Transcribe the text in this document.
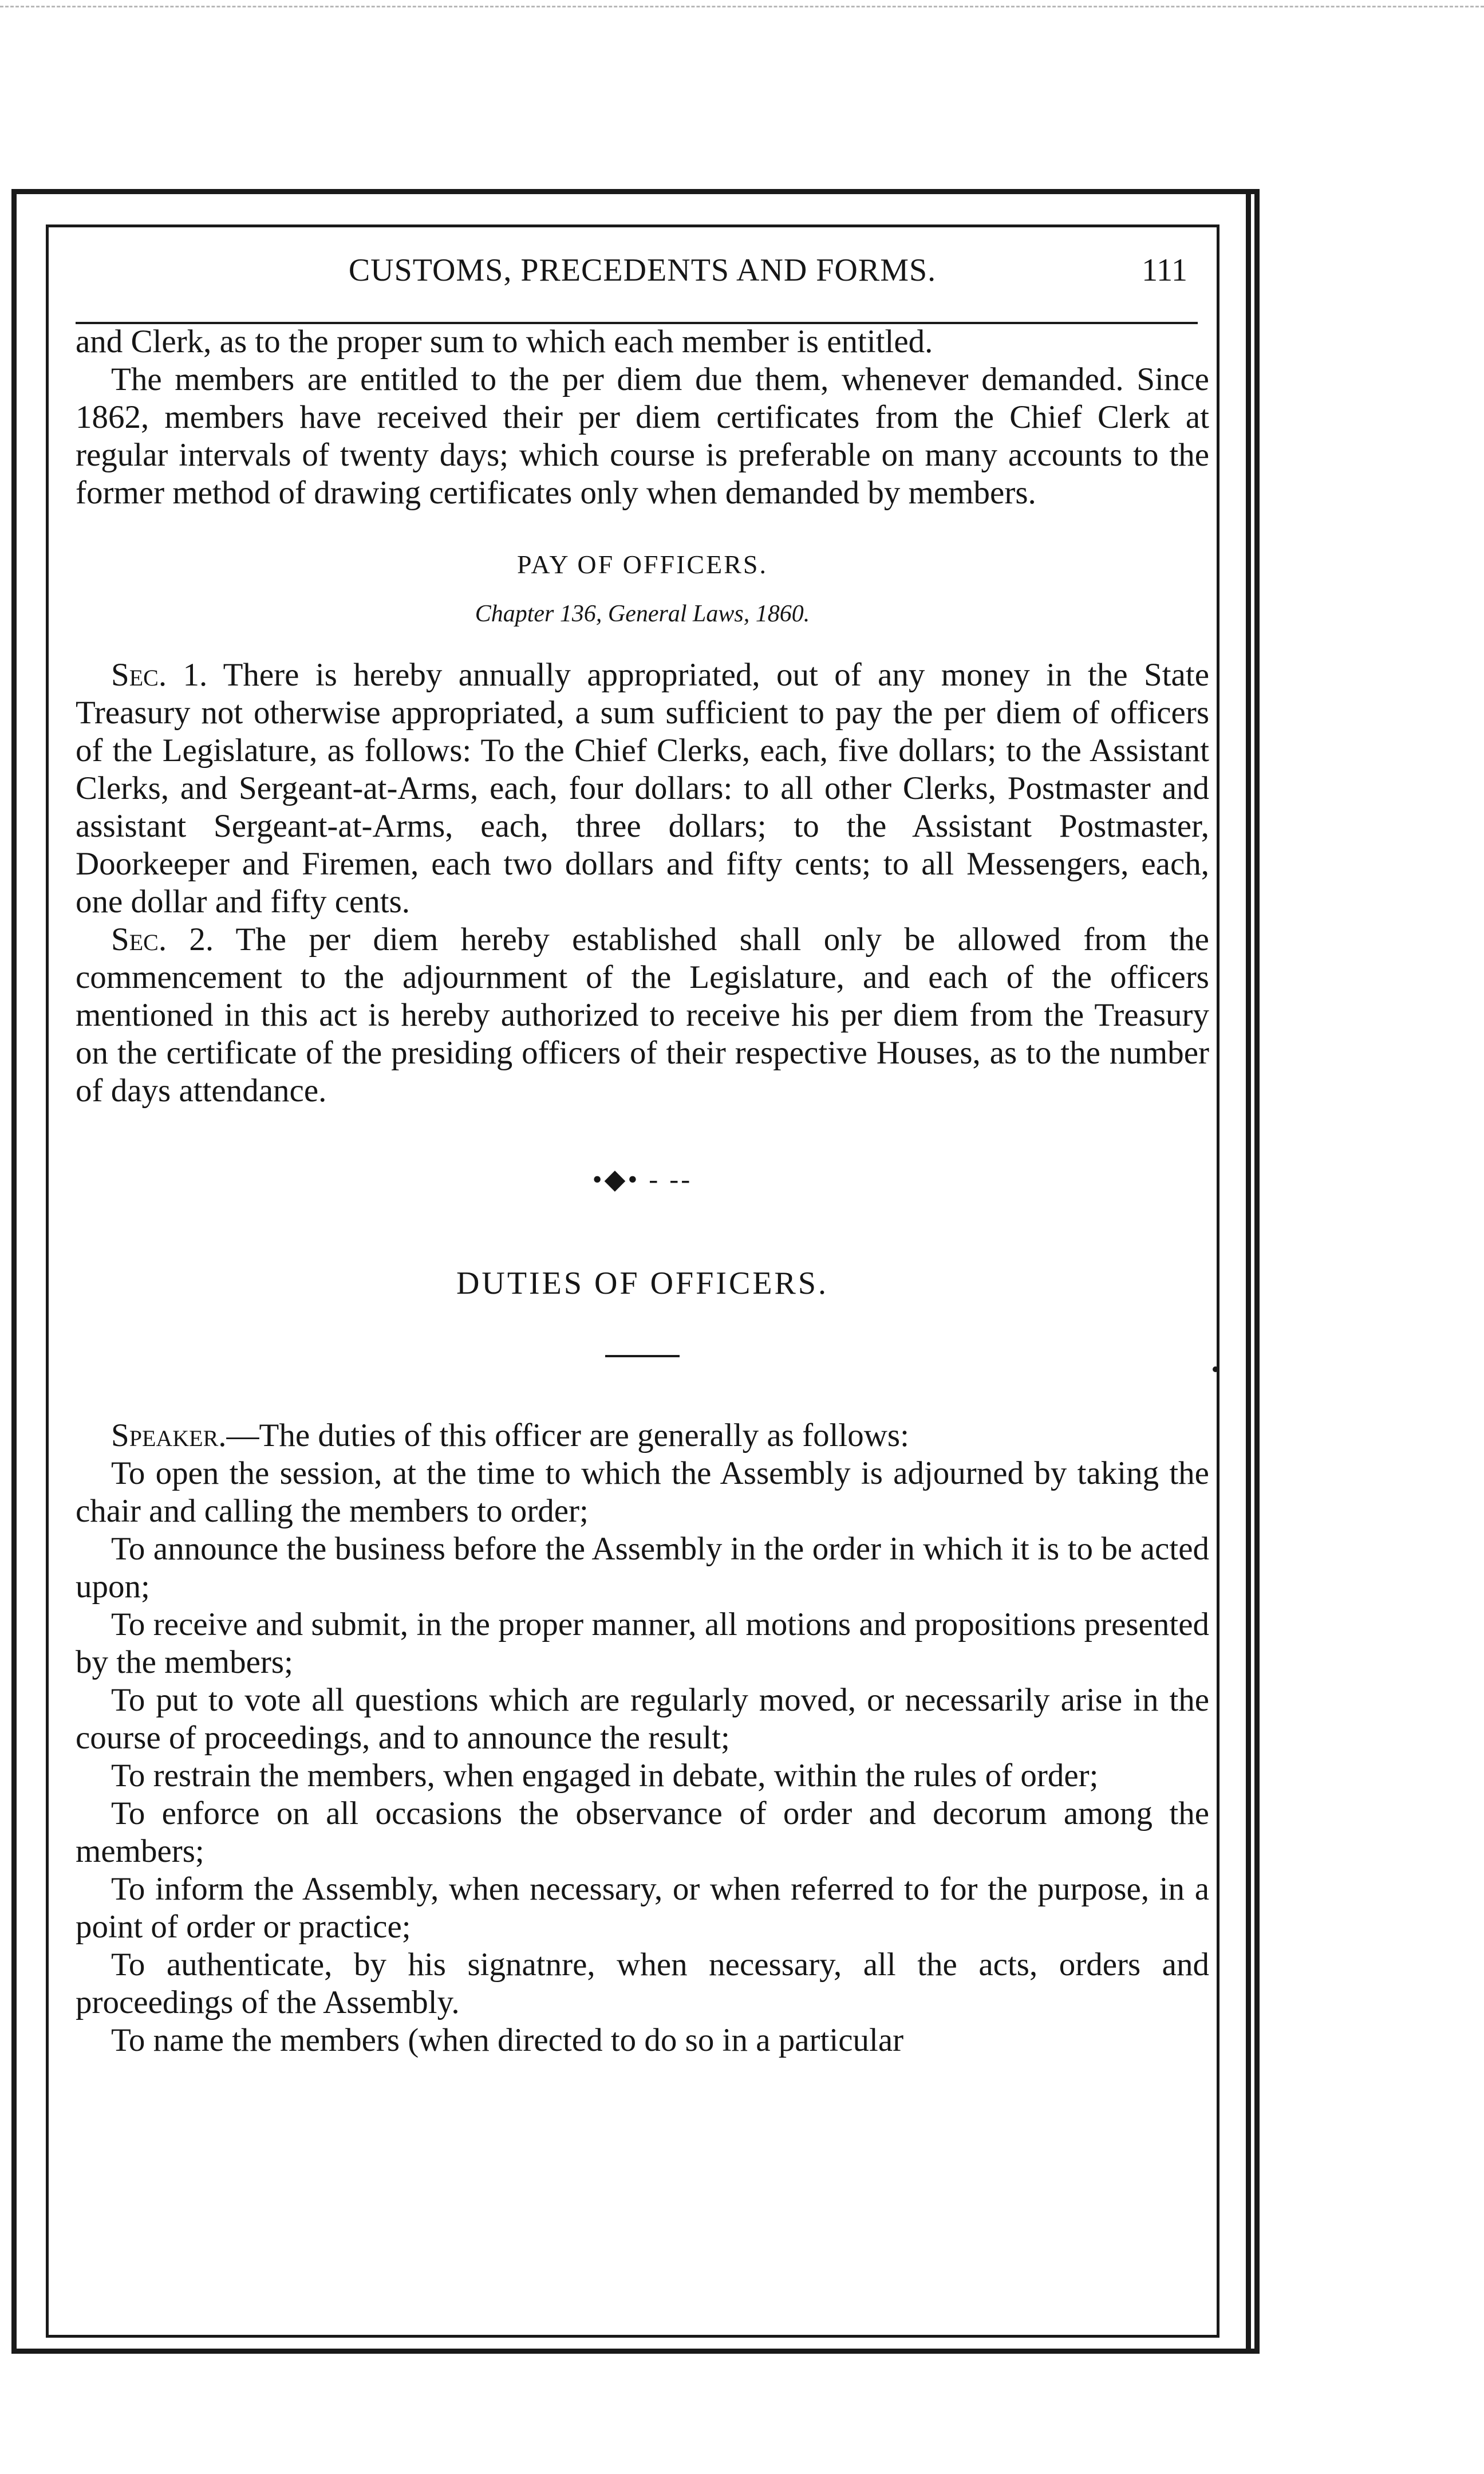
CUSTOMS, PRECEDENTS AND FORMS.	111

and Clerk, as to the proper sum to which each member is entitled.

The members are entitled to the per diem due them, whenever demanded. Since 1862, members have received their per diem certificates from the Chief Clerk at regular intervals of twenty days; which course is preferable on many accounts to the former method of drawing certificates only when demanded by members.

PAY OF OFFICERS.
Chapter 136, General Laws, 1860.

Sec. 1. There is hereby annually appropriated, out of any money in the State Treasury not otherwise appropriated, a sum sufficient to pay the per diem of officers of the Legislature, as follows: To the Chief Clerks, each, five dollars; to the Assistant Clerks, and Sergeant-at-Arms, each, four dollars: to all other Clerks, Postmaster and assistant Sergeant-at-Arms, each, three dollars; to the Assistant Postmaster, Doorkeeper and Firemen, each two dollars and fifty cents; to all Messengers, each, one dollar and fifty cents.

Sec. 2. The per diem hereby established shall only be allowed from the commencement to the adjournment of the Legislature, and each of the officers mentioned in this act is hereby authorized to receive his per diem from the Treasury on the certificate of the presiding officers of their respective Houses, as to the number of days attendance.

•◆• - --
DUTIES OF OFFICERS.

Speaker.—The duties of this officer are generally as follows:

To open the session, at the time to which the Assembly is adjourned by taking the chair and calling the members to order;

To announce the business before the Assembly in the order in which it is to be acted upon;

To receive and submit, in the proper manner, all motions and propositions presented by the members;

To put to vote all questions which are regularly moved, or necessarily arise in the course of proceedings, and to announce the result;

To restrain the members, when engaged in debate, within the rules of order;

To enforce on all occasions the observance of order and decorum among the members;

To inform the Assembly, when necessary, or when referred to for the purpose, in a point of order or practice;

To authenticate, by his signatnre, when necessary, all the acts, orders and proceedings of the Assembly.

To name the members (when directed to do so in a particular
